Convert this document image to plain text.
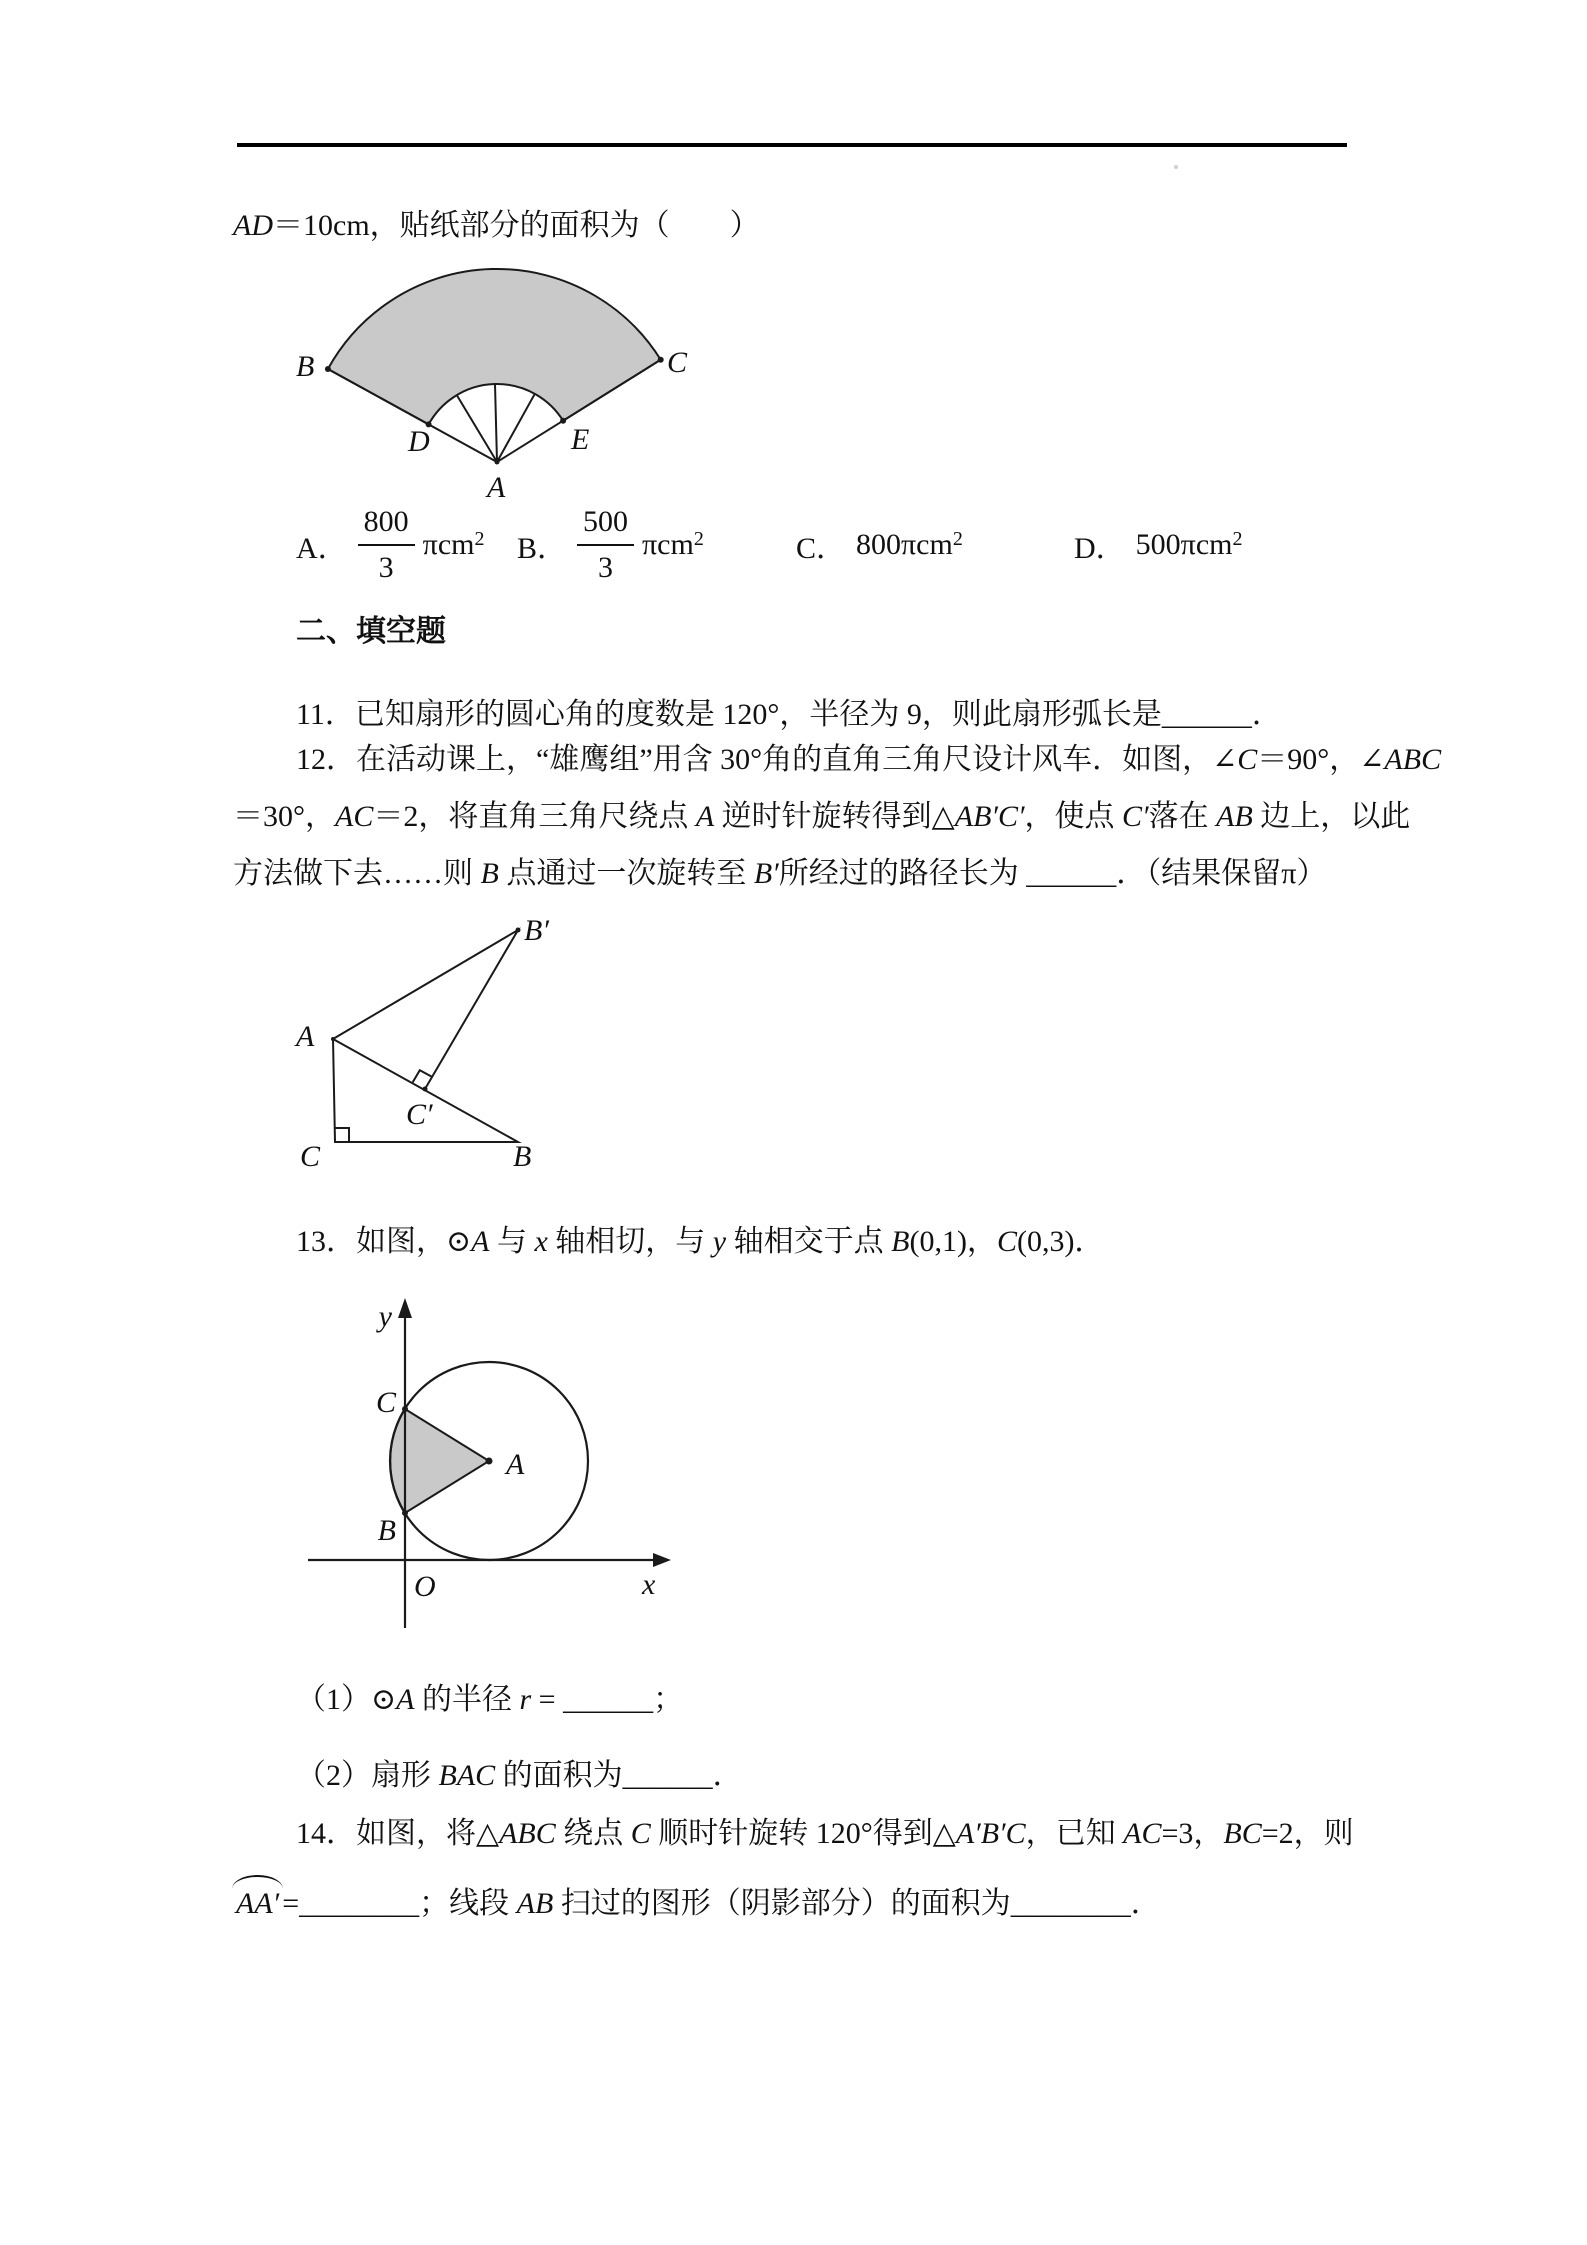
AD＝10cm，贴纸部分的面积为（　　）
B	C
D	E
A
A． $\frac{800}{3} \pi cm^2$ B． $\frac{500}{3} \pi cm^2$	C． 800πcm$^2$	D． 500πcm$^2$
二、填空题
11．已知扇形的圆心角的度数是 120°，半径为 9，则此扇形弧长是______．
12．在活动课上，“雄鹰组”用含 30°角的直角三角尺设计风车．如图，∠C＝90°，∠ABC
＝30°，AC＝2，将直角三角尺绕点 A 逆时针旋转得到△AB′C′，使点 C′落在 AB 边上，以此
方法做下去……则 B 点通过一次旋转至 B′所经过的路径长为 ______．（结果保留π）
A
C	B
B′
C′
13．如图，⊙A 与 x 轴相切，与 y 轴相交于点 B(0,1)，C(0,3)．
y
x
O
C
B
A
（1）⊙A 的半径 r = ______；
（2）扇形 BAC 的面积为______．
14．如图，将△ABC 绕点 C 顺时针旋转 120°得到△A′B′C，已知 AC=3，BC=2，则
AA′ =________；线段 AB 扫过的图形（阴影部分）的面积为________．
